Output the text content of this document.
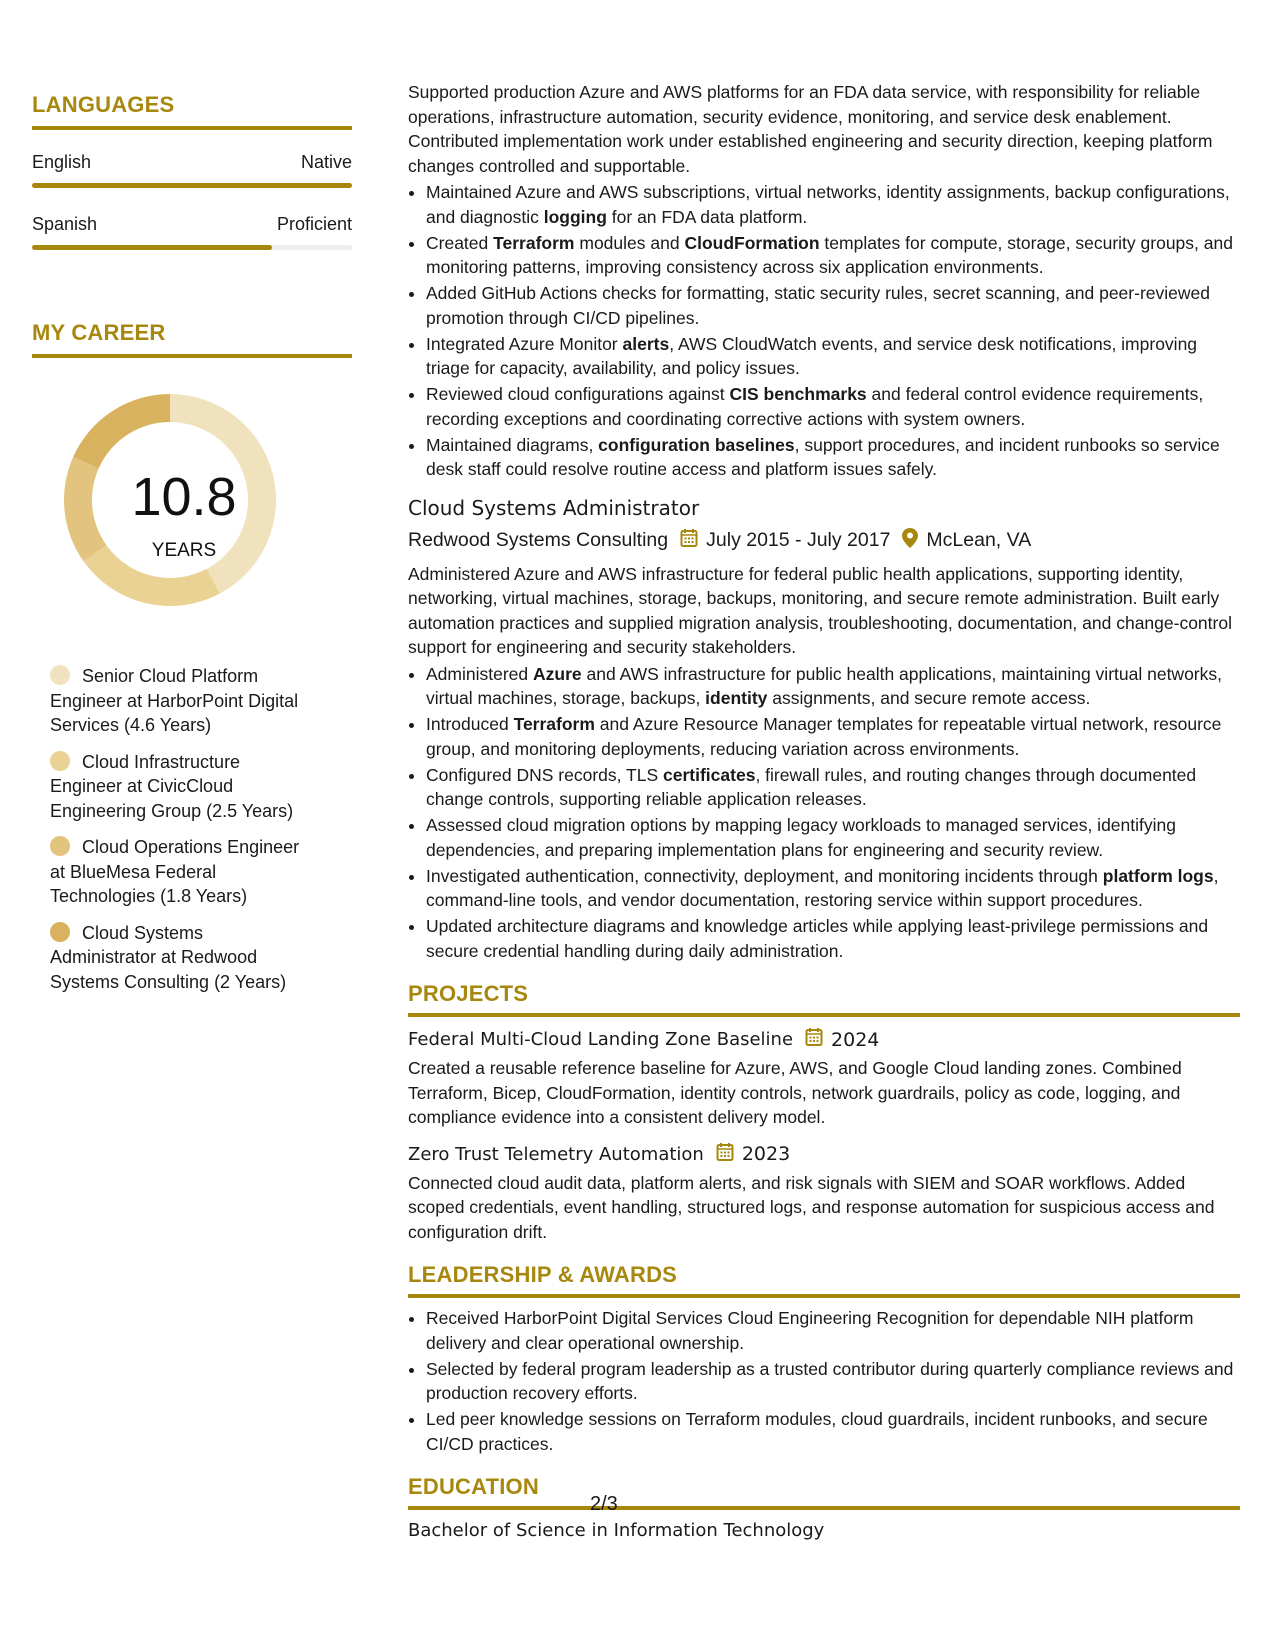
LANGUAGES
English	Native
Spanish	Proficient
MY CAREER
10.8
YEARS
Senior Cloud Platform Engineer at HarborPoint Digital Services (4.6 Years)
Cloud Infrastructure Engineer at CivicCloud Engineering Group (2.5 Years)
Cloud Operations Engineer at BlueMesa Federal Technologies (1.8 Years)
Cloud Systems Administrator at Redwood Systems Consulting (2 Years)

Supported production Azure and AWS platforms for an FDA data service, with responsibility for reliable operations, infrastructure automation, security evidence, monitoring, and service desk enablement. Contributed implementation work under established engineering and security direction, keeping platform changes controlled and supportable.

• Maintained Azure and AWS subscriptions, virtual networks, identity assignments, backup configurations, and diagnostic logging for an FDA data platform.
• Created Terraform modules and CloudFormation templates for compute, storage, security groups, and monitoring patterns, improving consistency across six application environments.
• Added GitHub Actions checks for formatting, static security rules, secret scanning, and peer-reviewed promotion through CI/CD pipelines.
• Integrated Azure Monitor alerts, AWS CloudWatch events, and service desk notifications, improving triage for capacity, availability, and policy issues.
• Reviewed cloud configurations against CIS benchmarks and federal control evidence requirements, recording exceptions and coordinating corrective actions with system owners.
• Maintained diagrams, configuration baselines, support procedures, and incident runbooks so service desk staff could resolve routine access and platform issues safely.
Cloud Systems Administrator
Redwood Systems Consulting July 2015 - July 2017 McLean, VA

Administered Azure and AWS infrastructure for federal public health applications, supporting identity, networking, virtual machines, storage, backups, monitoring, and secure remote administration. Built early automation practices and supplied migration analysis, troubleshooting, documentation, and change-control support for engineering and security stakeholders.

• Administered Azure and AWS infrastructure for public health applications, maintaining virtual networks, virtual machines, storage, backups, identity assignments, and secure remote access.
• Introduced Terraform and Azure Resource Manager templates for repeatable virtual network, resource group, and monitoring deployments, reducing variation across environments.
• Configured DNS records, TLS certificates, firewall rules, and routing changes through documented change controls, supporting reliable application releases.
• Assessed cloud migration options by mapping legacy workloads to managed services, identifying dependencies, and preparing implementation plans for engineering and security review.
• Investigated authentication, connectivity, deployment, and monitoring incidents through platform logs, command-line tools, and vendor documentation, restoring service within support procedures.
• Updated architecture diagrams and knowledge articles while applying least-privilege permissions and secure credential handling during daily administration.
PROJECTS
Federal Multi-Cloud Landing Zone Baseline 2024

Created a reusable reference baseline for Azure, AWS, and Google Cloud landing zones. Combined Terraform, Bicep, CloudFormation, identity controls, network guardrails, policy as code, logging, and compliance evidence into a consistent delivery model.

Zero Trust Telemetry Automation 2023

Connected cloud audit data, platform alerts, and risk signals with SIEM and SOAR workflows. Added scoped credentials, event handling, structured logs, and response automation for suspicious access and configuration drift.

LEADERSHIP & AWARDS
• Received HarborPoint Digital Services Cloud Engineering Recognition for dependable NIH platform delivery and clear operational ownership.
• Selected by federal program leadership as a trusted contributor during quarterly compliance reviews and production recovery efforts.
• Led peer knowledge sessions on Terraform modules, cloud guardrails, incident runbooks, and secure CI/CD practices.
EDUCATION
Bachelor of Science in Information Technology
2/3
